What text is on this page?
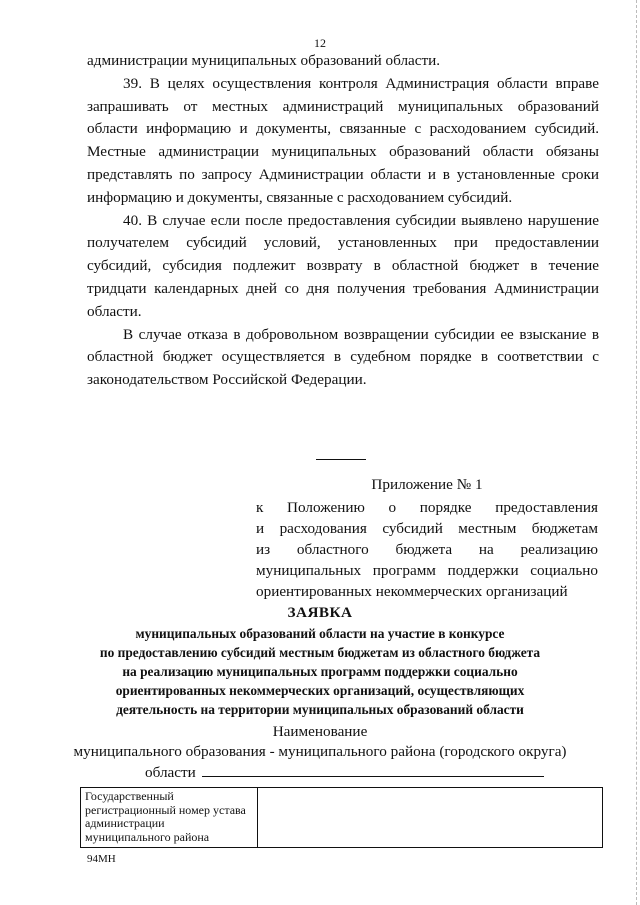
12

администрации муниципальных образований области.

39. В целях осуществления контроля Администрация области вправе запрашивать от местных администраций муниципальных образований области информацию и документы, связанные с расходованием субсидий. Местные администрации муниципальных образований области обязаны представлять по запросу Администрации области и в установленные сроки информацию и документы, связанные с расходованием субсидий.

40. В случае если после предоставления субсидии выявлено нарушение получателем субсидий условий, установленных при предоставлении субсидий, субсидия подлежит возврату в областной бюджет в течение тридцати календарных дней со дня получения требования Администрации области.

В случае отказа в добровольном возвращении субсидии ее взыскание в областной бюджет осуществляется в судебном порядке в соответствии с законодательством Российской Федерации.

Приложение № 1
к Положению о порядке предоставления
и расходования субсидий местным бюджетам
из областного бюджета на реализацию
муниципальных программ поддержки социально
ориентированных некоммерческих организаций
ЗАЯВКА
муниципальных образований области на участие в конкурсе
по предоставлению субсидий местным бюджетам из областного бюджета
на реализацию муниципальных программ поддержки социально
ориентированных некоммерческих организаций, осуществляющих
деятельность на территории муниципальных образований области
Наименование
муниципального образования - муниципального района (городского округа)
области
Государственный регистрационный номер устава администрации муниципального района	
94МН
